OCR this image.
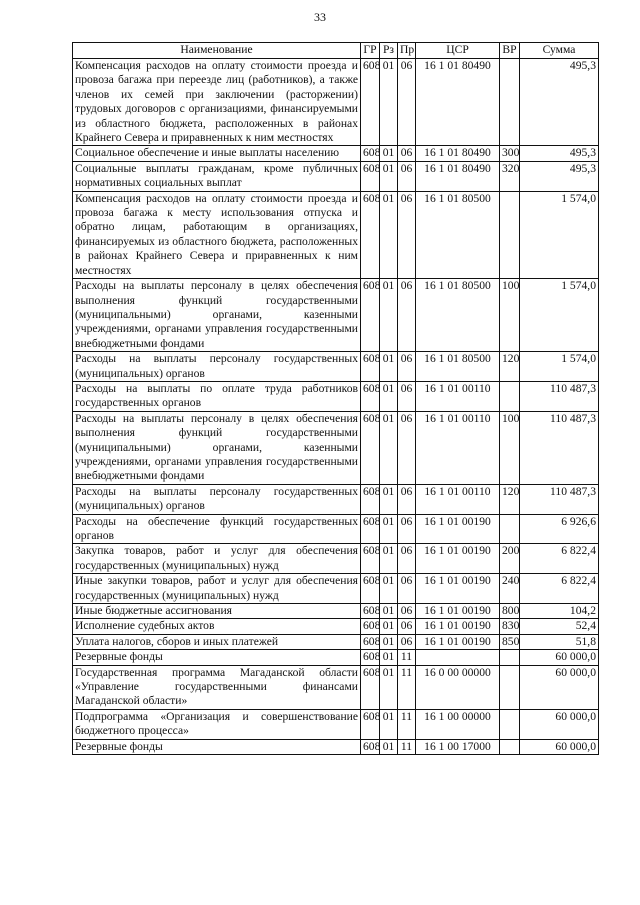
33
Наименование	ГР	Рз	Пр	ЦСР	ВР	Сумма
Компенсация расходов на оплату стоимости проезда и провоза багажа при переезде лиц (работников), а также членов их семей при заключении (расторжении) трудовых договоров с организациями, финансируемыми из областного бюджета, расположенных в районах Крайнего Севера и приравненных к ним местностях	608	01	06	16 1 01 80490		495,3
Социальное обеспечение и иные выплаты населению	608	01	06	16 1 01 80490	300	495,3
Социальные выплаты гражданам, кроме публичных нормативных социальных выплат	608	01	06	16 1 01 80490	320	495,3
Компенсация расходов на оплату стоимости проезда и провоза багажа к месту использования отпуска и обратно лицам, работающим в организациях, финансируемых из областного бюджета, расположенных в районах Крайнего Севера и приравненных к ним местностях	608	01	06	16 1 01 80500		1 574,0
Расходы на выплаты персоналу в целях обеспечения выполнения функций государственными (муниципальными) органами, казенными учреждениями, органами управления государственными внебюджетными фондами	608	01	06	16 1 01 80500	100	1 574,0
Расходы на выплаты персоналу государственных (муниципальных) органов	608	01	06	16 1 01 80500	120	1 574,0
Расходы на выплаты по оплате труда работников государственных органов	608	01	06	16 1 01 00110		110 487,3
Расходы на выплаты персоналу в целях обеспечения выполнения функций государственными (муниципальными) органами, казенными учреждениями, органами управления государственными внебюджетными фондами	608	01	06	16 1 01 00110	100	110 487,3
Расходы на выплаты персоналу государственных (муниципальных) органов	608	01	06	16 1 01 00110	120	110 487,3
Расходы на обеспечение функций государственных органов	608	01	06	16 1 01 00190		6 926,6
Закупка товаров, работ и услуг для обеспечения государственных (муниципальных) нужд	608	01	06	16 1 01 00190	200	6 822,4
Иные закупки товаров, работ и услуг для обеспечения государственных (муниципальных) нужд	608	01	06	16 1 01 00190	240	6 822,4
Иные бюджетные ассигнования	608	01	06	16 1 01 00190	800	104,2
Исполнение судебных актов	608	01	06	16 1 01 00190	830	52,4
Уплата налогов, сборов и иных платежей	608	01	06	16 1 01 00190	850	51,8
Резервные фонды	608	01	11			60 000,0
Государственная программа Магаданской области «Управление государственными финансами Магаданской области»	608	01	11	16 0 00 00000		60 000,0
Подпрограмма «Организация и совершенствование бюджетного процесса»	608	01	11	16 1 00 00000		60 000,0
Резервные фонды	608	01	11	16 1 00 17000		60 000,0
